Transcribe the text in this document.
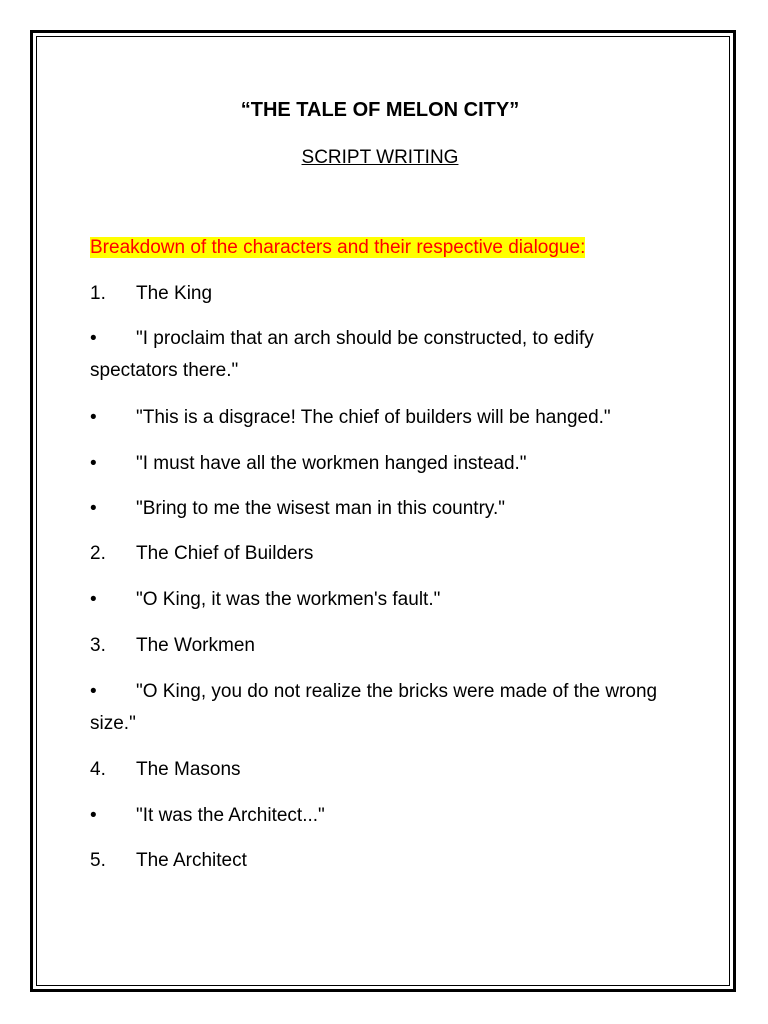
“THE TALE OF MELON CITY”

SCRIPT WRITING

Breakdown of the characters and their respective dialogue:

1. The King

• "I proclaim that an arch should be constructed, to edify spectators there."

• "This is a disgrace! The chief of builders will be hanged."

• "I must have all the workmen hanged instead."

• "Bring to me the wisest man in this country."

2. The Chief of Builders

• "O King, it was the workmen's fault."

3. The Workmen

• "O King, you do not realize the bricks were made of the wrong size."

4. The Masons

• "It was the Architect..."

5. The Architect
